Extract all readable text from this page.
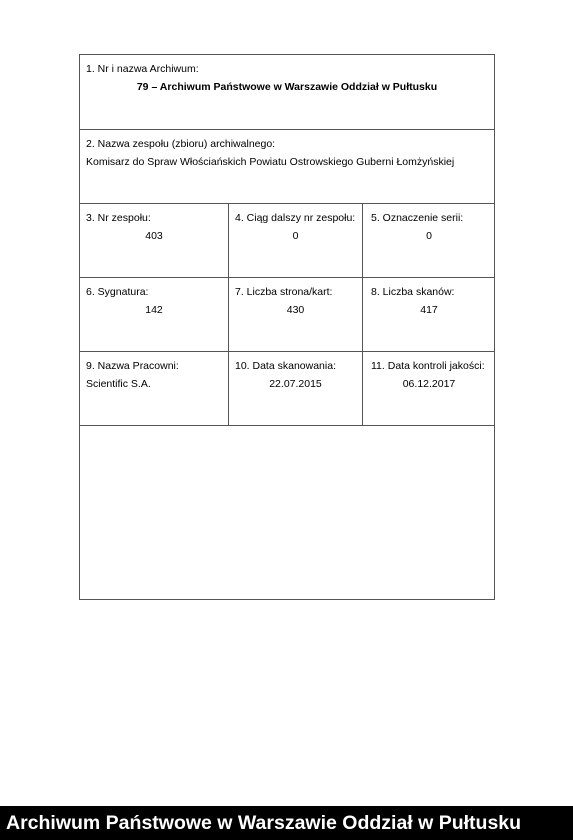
1. Nr i nazwa Archiwum:
79 – Archiwum Państwowe w Warszawie Oddział w Pułtusku
2. Nazwa zespołu (zbioru) archiwalnego:
Komisarz do Spraw Włościańskich Powiatu Ostrowskiego Guberni Łomżyńskiej
3. Nr zespołu:
403
4. Ciąg dalszy nr zespołu:
0
5. Oznaczenie serii:
0
6. Sygnatura:
142
7. Liczba strona/kart:
430
8. Liczba skanów:
417
9. Nazwa Pracowni:
Scientific S.A.
10. Data skanowania:
22.07.2015
11. Data kontroli jakości:
06.12.2017
Archiwum Państwowe w Warszawie Oddział w Pułtusku
